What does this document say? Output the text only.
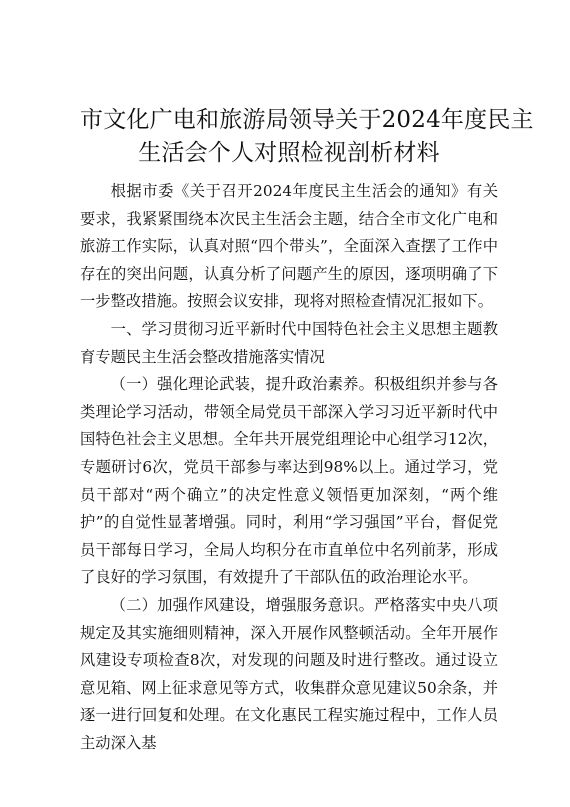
市文化广电和旅游局领导关于2024年度民主
生活会个人对照检视剖析材料

根据市委《关于召开2024年度民主生活会的通知》有关要求，我紧紧围绕本次民主生活会主题，结合全市文化广电和旅游工作实际，认真对照“四个带头”，全面深入查摆了工作中存在的突出问题，认真分析了问题产生的原因，逐项明确了下一步整改措施。按照会议安排，现将对照检查情况汇报如下。

一、学习贯彻习近平新时代中国特色社会主义思想主题教育专题民主生活会整改措施落实情况

（一）强化理论武装，提升政治素养。积极组织并参与各类理论学习活动，带领全局党员干部深入学习习近平新时代中国特色社会主义思想。全年共开展党组理论中心组学习12次，专题研讨6次，党员干部参与率达到98%以上。通过学习，党员干部对“两个确立”的决定性意义领悟更加深刻，“两个维护”的自觉性显著增强。同时，利用“学习强国”平台，督促党员干部每日学习，全局人均积分在市直单位中名列前茅，形成了良好的学习氛围，有效提升了干部队伍的政治理论水平。

（二）加强作风建设，增强服务意识。严格落实中央八项规定及其实施细则精神，深入开展作风整顿活动。全年开展作风建设专项检查8次，对发现的问题及时进行整改。通过设立意见箱、网上征求意见等方式，收集群众意见建议50余条，并逐一进行回复和处理。在文化惠民工程实施过程中，工作人员主动深入基
